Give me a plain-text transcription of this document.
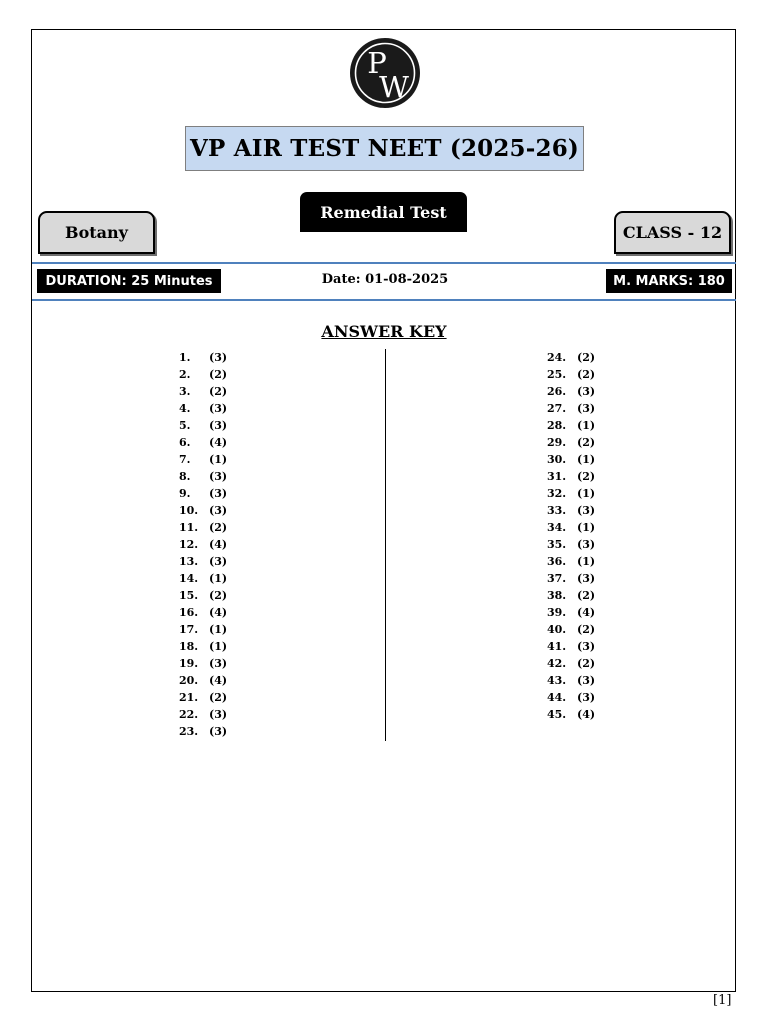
P
W
VP AIR TEST NEET (2025-26)
Remedial Test
Botany	CLASS - 12
DURATION: 25 Minutes	Date: 01-08-2025	M. MARKS: 180
ANSWER KEY
1.	(3)
2.	(2)
3.	(2)
4.	(3)
5.	(3)
6.	(4)
7.	(1)
8.	(3)
9.	(3)
10. (3)
11. (2)
12. (4)
13. (3)
14. (1)
15. (2)
16. (4)
17. (1)
18. (1)
19. (3)
20. (4)
21. (2)
22. (3)
23. (3)
24. (2)
25. (2)
26. (3)
27. (3)
28. (1)
29. (2)
30. (1)
31. (2)
32. (1)
33. (3)
34. (1)
35. (3)
36. (1)
37. (3)
38. (2)
39. (4)
40. (2)
41. (3)
42. (2)
43. (3)
44. (3)
45. (4)
[1]
